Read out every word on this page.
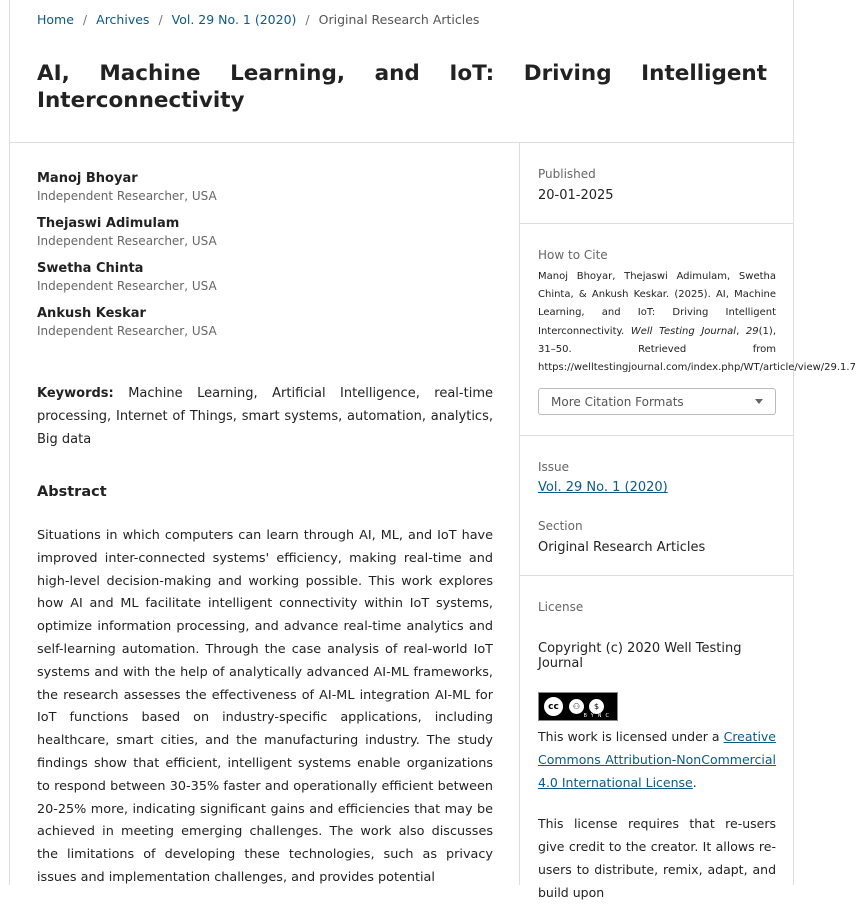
Home / Archives / Vol. 29 No. 1 (2020) / Original Research Articles
AI, Machine Learning, and IoT: Driving Intelligent
Interconnectivity
Manoj Bhoyar
Independent Researcher, USA
Thejaswi Adimulam
Independent Researcher, USA
Swetha Chinta
Independent Researcher, USA
Ankush Keskar
Independent Researcher, USA
Keywords: Machine Learning, Artificial Intelligence, real-time processing, Internet of Things, smart systems, automation, analytics, Big data
Abstract

Situations in which computers can learn through AI, ML, and IoT have improved inter-connected systems' efficiency, making real-time and high-level decision-making and working possible. This work explores how AI and ML facilitate intelligent connectivity within IoT systems, optimize information processing, and advance real-time analytics and self-learning automation. Through the case analysis of real-world IoT systems and with the help of analytically advanced AI-ML frameworks, the research assesses the effectiveness of AI-ML integration AI-ML for IoT functions based on industry-specific applications, including healthcare, smart cities, and the manufacturing industry. The study findings show that efficient, intelligent systems enable organizations to respond between 30-35% faster and operationally efficient between 20-25% more, indicating significant gains and efficiencies that may be achieved in meeting emerging challenges. The work also discusses the limitations of developing these technologies, such as privacy issues and implementation challenges, and provides potential

Published
20-01-2025
How to Cite
Manoj Bhoyar, Thejaswi Adimulam, Swetha Chinta, & Ankush Keskar. (2025). AI, Machine Learning, and IoT: Driving Intelligent Interconnectivity. Well Testing Journal, 29(1), 31–50. Retrieved from https://welltestingjournal.com/index.php/WT/article/view/29.1.7
More Citation Formats
Issue
Vol. 29 No. 1 (2020)
Section
Original Research Articles
License
Copyright (c) 2020 Well Testing Journal
cc	⚇	$
BYNC

This work is licensed under a Creative Commons Attribution-NonCommercial 4.0 International License.

This license requires that re-users give credit to the creator. It allows re-users to distribute, remix, adapt, and build upon
